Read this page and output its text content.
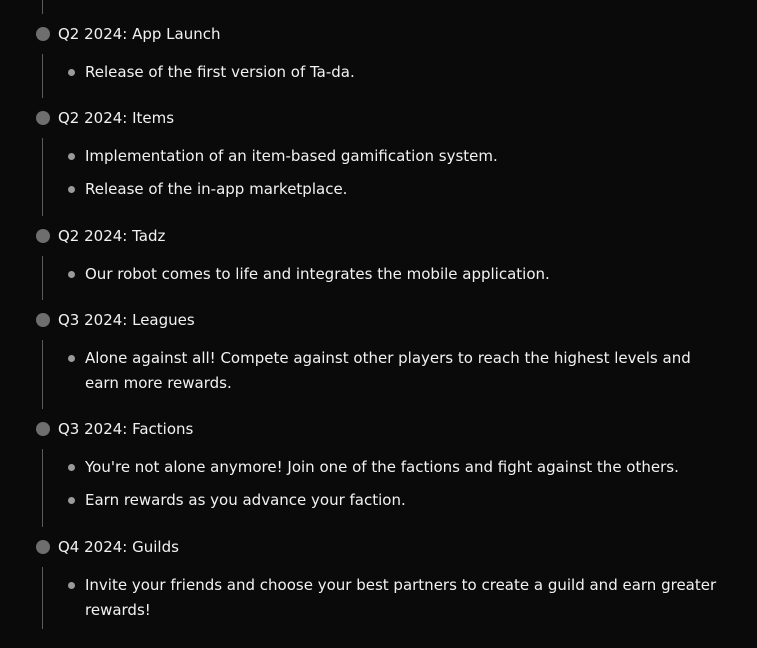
Q2 2024: App Launch
Release of the first version of Ta-da.
Q2 2024: Items
Implementation of an item-based gamification system.
Release of the in-app marketplace.
Q2 2024: Tadz
Our robot comes to life and integrates the mobile application.
Q3 2024: Leagues
Alone against all! Compete against other players to reach the highest levels and earn more rewards.
Q3 2024: Factions
You're not alone anymore! Join one of the factions and fight against the others.
Earn rewards as you advance your faction.
Q4 2024: Guilds
Invite your friends and choose your best partners to create a guild and earn greater rewards!
